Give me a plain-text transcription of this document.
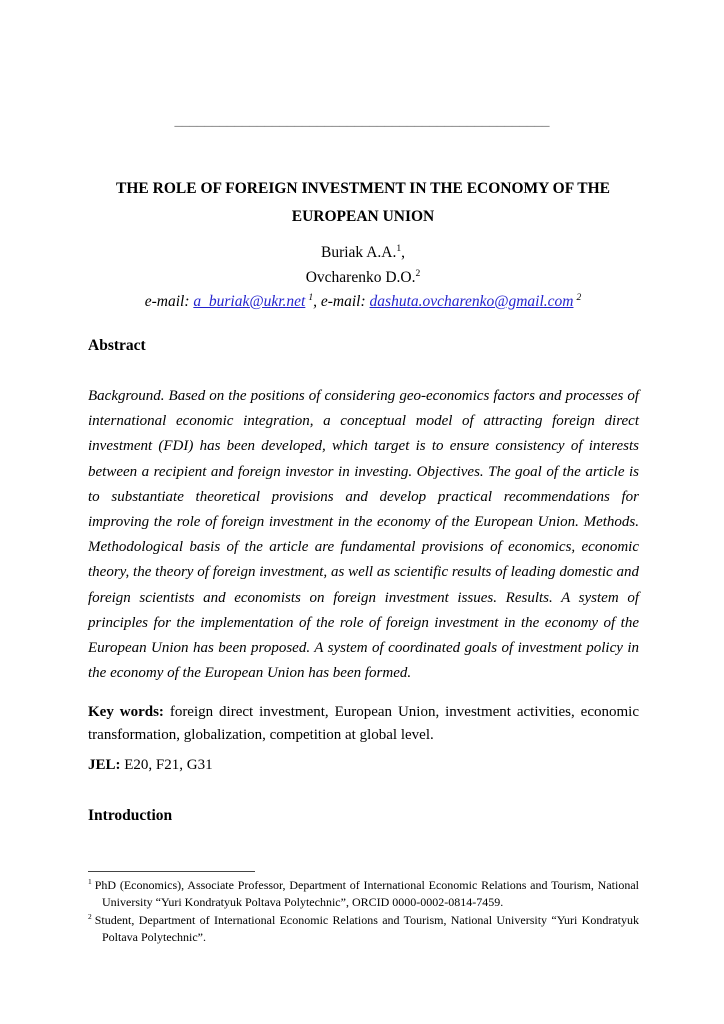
__________________________________________________
THE ROLE OF FOREIGN INVESTMENT IN THE ECONOMY OF THE
EUROPEAN UNION
Buriak A.A.$^1$,
Ovcharenko D.O.$^2$
e-mail: a_buriak@ukr.net $^1$, e-mail: dashuta.ovcharenko@gmail.com $^2$
Abstract
Background. Based on the positions of considering geo-economics factors and processes of international economic integration, a conceptual model of attracting foreign direct investment (FDI) has been developed, which target is to ensure consistency of interests between a recipient and foreign investor in investing. Objectives. The goal of the article is to substantiate theoretical provisions and develop practical recommendations for improving the role of foreign investment in the economy of the European Union. Methods. Methodological basis of the article are fundamental provisions of economics, economic theory, the theory of foreign investment, as well as scientific results of leading domestic and foreign scientists and economists on foreign investment issues. Results. A system of principles for the implementation of the role of foreign investment in the economy of the European Union has been proposed. A system of coordinated goals of investment policy in the economy of the European Union has been formed.
Key words: foreign direct investment, European Union, investment activities, economic transformation, globalization, competition at global level.
JEL: E20, F21, G31
Introduction
$^1$ PhD (Economics), Associate Professor, Department of International Economic Relations and Tourism, National University “Yuri Kondratyuk Poltava Polytechnic”, ORCID 0000-0002-0814-7459.
$^2$ Student, Department of International Economic Relations and Tourism, National University “Yuri Kondratyuk Poltava Polytechnic”.
